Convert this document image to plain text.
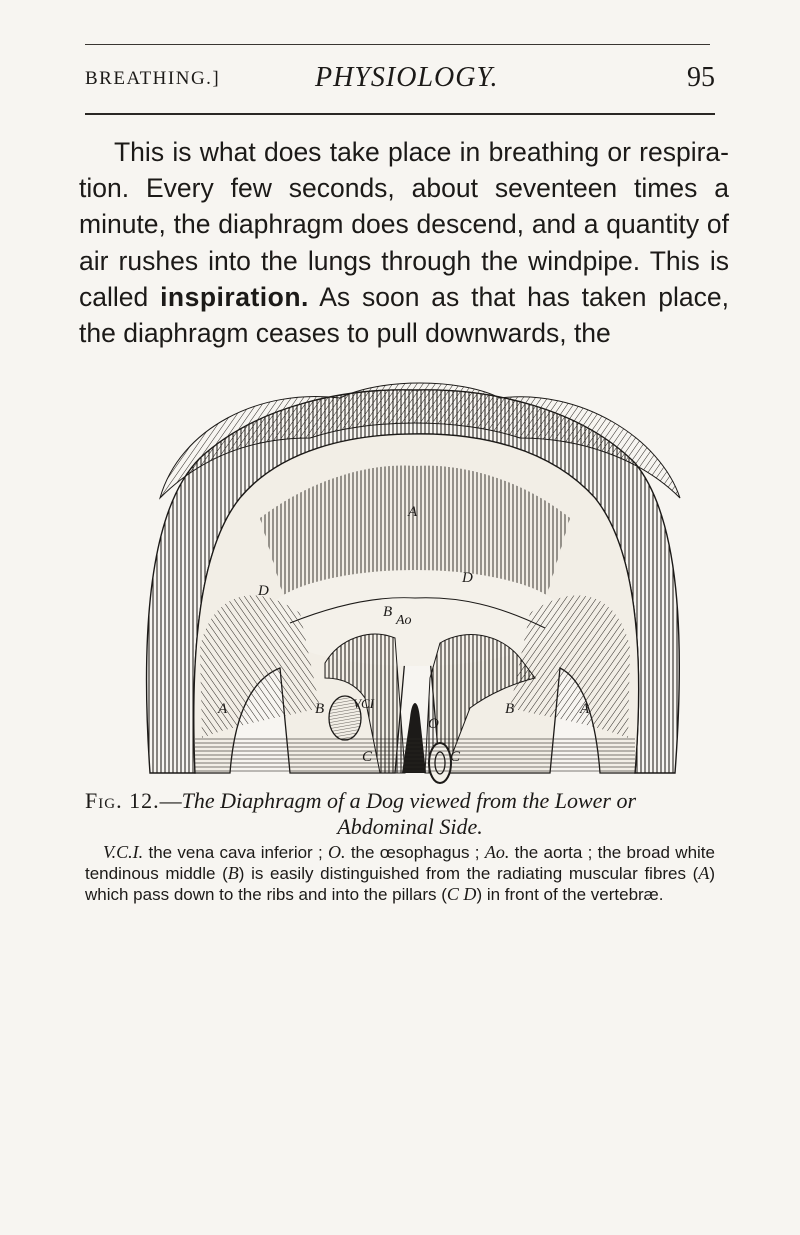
BREATHING.]	PHYSIOLOGY.	95

This is what does take place in breathing or respira-tion. Every few seconds, about seventeen times a minute, the diaphragm does descend, and a quantity of air rushes into the lungs through the windpipe. This is called inspiration. As soon as that has taken place, the diaphragm ceases to pull downwards, the

A
B
VCI
B	B
A	A
O
C	C
D
D
Ao
Fig. 12.—The Diaphragm of a Dog viewed from the Lower or
Abdominal Side.

V.C.I. the vena cava inferior ; O. the œsophagus ; Ao. the aorta ; the broad white tendinous middle (B) is easily distinguished from the radiating muscular fibres (A) which pass down to the ribs and into the pillars (C D) in front of the vertebræ.
